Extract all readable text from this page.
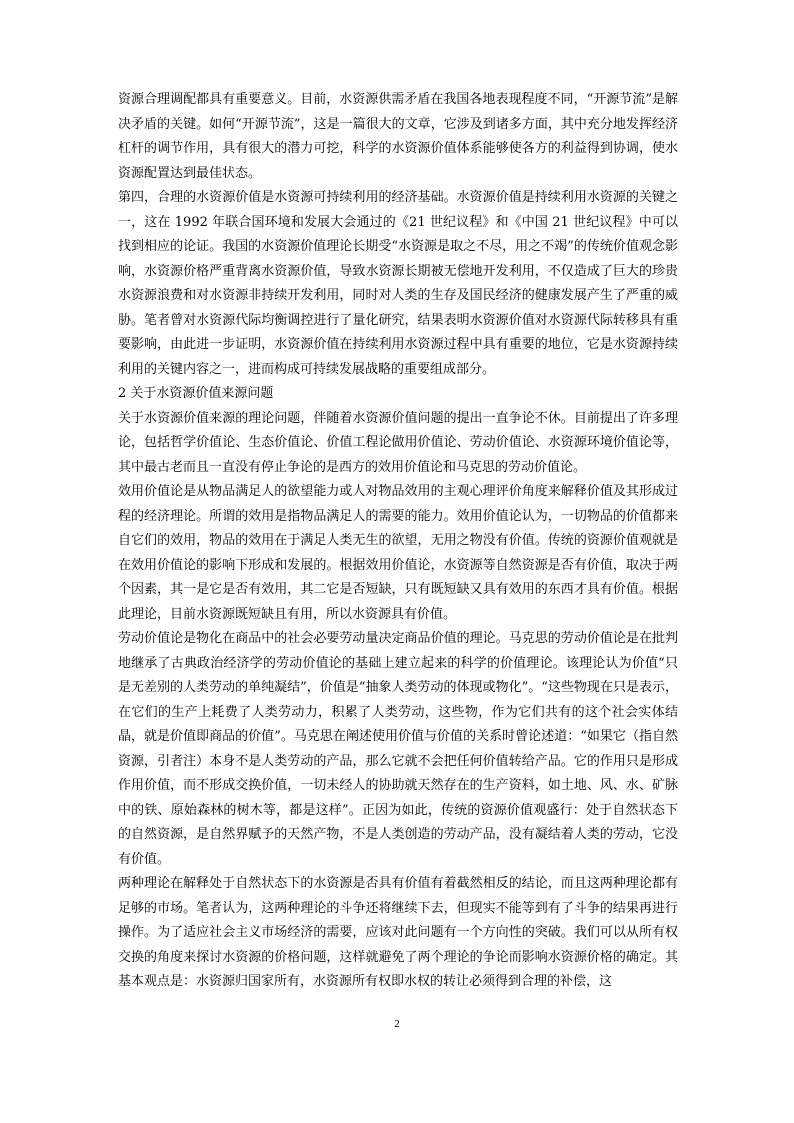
资源合理调配都具有重要意义。目前，水资源供需矛盾在我国各地表现程度不同，“开源节流”是解决矛盾的关键。如何“开源节流”，这是一篇很大的文章，它涉及到诸多方面，其中充分地发挥经济杠杆的调节作用，具有很大的潜力可挖，科学的水资源价值体系能够使各方的利益得到协调，使水资源配置达到最佳状态。

第四，合理的水资源价值是水资源可持续利用的经济基础。水资源价值是持续利用水资源的关键之一，这在 1992 年联合国环境和发展大会通过的《21 世纪议程》和《中国 21 世纪议程》中可以找到相应的论证。我国的水资源价值理论长期受“水资源是取之不尽，用之不竭”的传统价值观念影响，水资源价格严重背离水资源价值，导致水资源长期被无偿地开发利用，不仅造成了巨大的珍贵水资源浪费和对水资源非持续开发利用，同时对人类的生存及国民经济的健康发展产生了严重的威胁。笔者曾对水资源代际均衡调控进行了量化研究，结果表明水资源价值对水资源代际转移具有重要影响，由此进一步证明，水资源价值在持续利用水资源过程中具有重要的地位，它是水资源持续利用的关键内容之一，进而构成可持续发展战略的重要组成部分。

2 关于水资源价值来源问题

关于水资源价值来源的理论问题，伴随着水资源价值问题的提出一直争论不休。目前提出了许多理论，包括哲学价值论、生态价值论、价值工程论做用价值论、劳动价值论、水资源环境价值论等，其中最古老而且一直没有停止争论的是西方的效用价值论和马克思的劳动价值论。

效用价值论是从物品满足人的欲望能力或人对物品效用的主观心理评价角度来解释价值及其形成过程的经济理论。所谓的效用是指物品满足人的需要的能力。效用价值论认为，一切物品的价值都来自它们的效用，物品的效用在于满足人类无生的欲望，无用之物没有价值。传统的资源价值观就是在效用价值论的影响下形成和发展的。根据效用价值论，水资源等自然资源是否有价值，取决于两个因素，其一是它是否有效用，其二它是否短缺，只有既短缺又具有效用的东西才具有价值。根据此理论，目前水资源既短缺且有用，所以水资源具有价值。

劳动价值论是物化在商品中的社会必要劳动量决定商品价值的理论。马克思的劳动价值论是在批判地继承了古典政治经济学的劳动价值论的基础上建立起来的科学的价值理论。该理论认为价值“只是无差别的人类劳动的单纯凝结”，价值是“抽象人类劳动的体现或物化”。“这些物现在只是表示，在它们的生产上耗费了人类劳动力，积累了人类劳动，这些物，作为它们共有的这个社会实体结晶，就是价值即商品的价值”。马克思在阐述使用价值与价值的关系时曾论述道：“如果它（指自然资源，引者注）本身不是人类劳动的产品，那么它就不会把任何价值转给产品。它的作用只是形成作用价值，而不形成交换价值，一切未经人的协助就天然存在的生产资料，如土地、风、水、矿脉中的铁、原始森林的树木等，都是这样”。正因为如此，传统的资源价值观盛行：处于自然状态下的自然资源，是自然界赋予的天然产物，不是人类创造的劳动产品，没有凝结着人类的劳动，它没有价值。

两种理论在解释处于自然状态下的水资源是否具有价值有着截然相反的结论，而且这两种理论都有足够的市场。笔者认为，这两种理论的斗争还将继续下去，但现实不能等到有了斗争的结果再进行操作。为了适应社会主义市场经济的需要，应该对此问题有一个方向性的突破。我们可以从所有权交换的角度来探讨水资源的价格问题，这样就避免了两个理论的争论而影响水资源价格的确定。其基本观点是：水资源归国家所有，水资源所有权即水权的转让必须得到合理的补偿，这

2
